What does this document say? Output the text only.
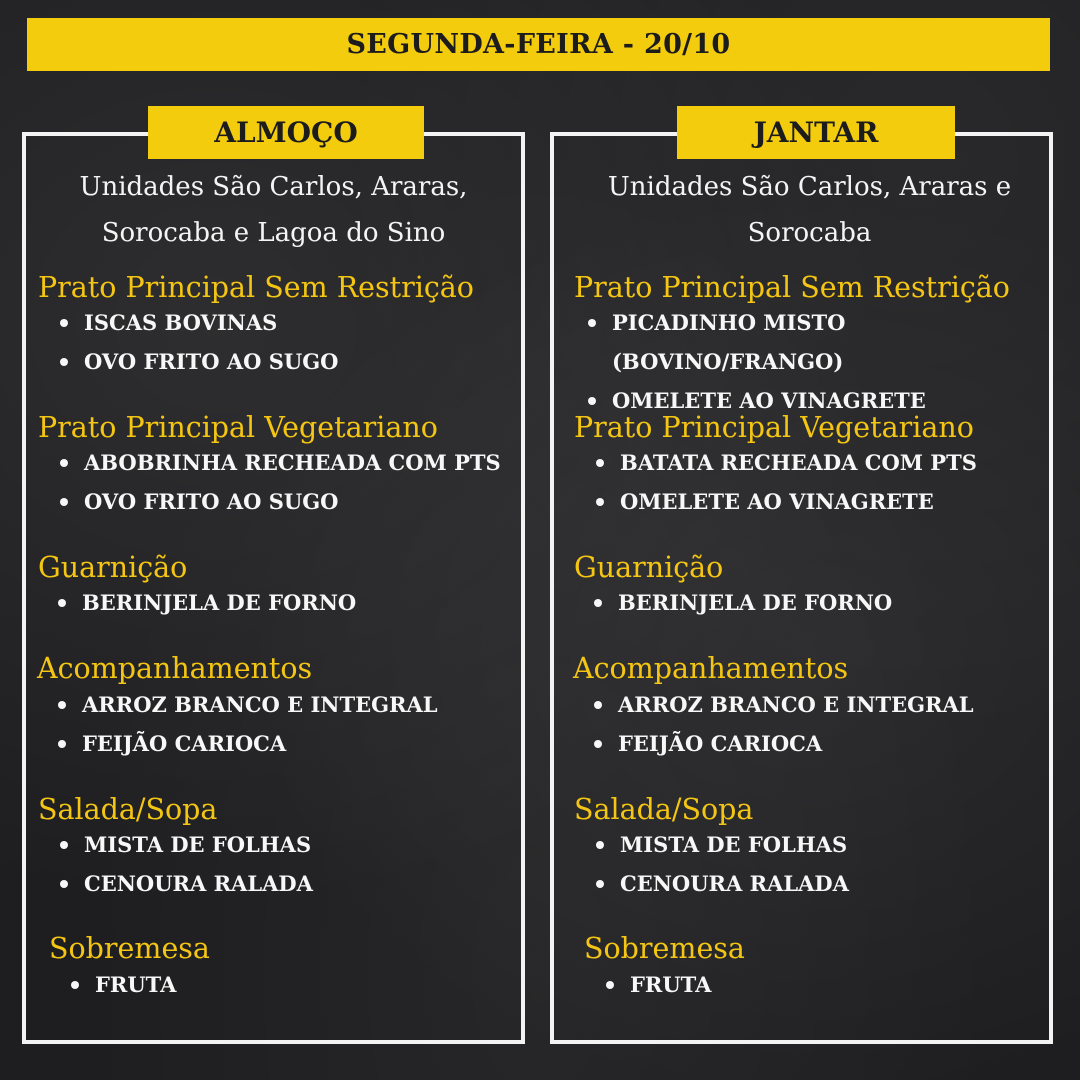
SEGUNDA-FEIRA - 20/10
ALMOÇO	JANTAR
Unidades São Carlos, Araras,
Sorocaba e Lagoa do Sino
Unidades São Carlos, Araras e
Sorocaba
Prato Principal Sem Restrição
ISCAS BOVINAS
OVO FRITO AO SUGO
Prato Principal Vegetariano
ABOBRINHA RECHEADA COM PTS
OVO FRITO AO SUGO
Guarnição
BERINJELA DE FORNO
Acompanhamentos
ARROZ BRANCO E INTEGRAL
FEIJÃO CARIOCA
Salada/Sopa
MISTA DE FOLHAS
CENOURA RALADA
Sobremesa
FRUTA
Prato Principal Sem Restrição
PICADINHO MISTO
(BOVINO/FRANGO)
OMELETE AO VINAGRETE
Prato Principal Vegetariano
BATATA RECHEADA COM PTS
OMELETE AO VINAGRETE
Guarnição
BERINJELA DE FORNO
Acompanhamentos
ARROZ BRANCO E INTEGRAL
FEIJÃO CARIOCA
Salada/Sopa
MISTA DE FOLHAS
CENOURA RALADA
Sobremesa
FRUTA
